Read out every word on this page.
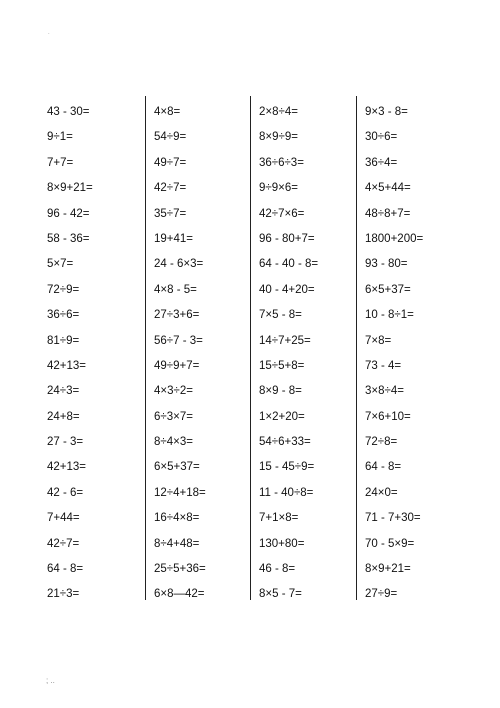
.
43 - 30=
9÷1=
7+7=
8×9+21=
96 - 42=
58 - 36=
5×7=
72÷9=
36÷6=
81÷9=
42+13=
24÷3=
24+8=
27 - 3=
42+13=
42 - 6=
7+44=
42÷7=
64 - 8=
21÷3=
4×8=
54÷9=
49÷7=
42÷7=
35÷7=
19+41=
24 - 6×3=
4×8 - 5=
27÷3+6=
56÷7 - 3=
49÷9+7=
4×3÷2=
6÷3×7=
8÷4×3=
6×5+37=
12÷4+18=
16÷4×8=
8÷4+48=
25÷5+36=
6×8—42=
2×8÷4=
8×9÷9=
36÷6÷3=
9÷9×6=
42÷7×6=
96 - 80+7=
64 - 40 - 8=
40 - 4+20=
7×5 - 8=
14÷7+25=
15÷5+8=
8×9 - 8=
1×2+20=
54÷6+33=
15 - 45÷9=
11 - 40÷8=
7+1×8=
130+80=
46 - 8=
8×5 - 7=
9×3 - 8=
30÷6=
36÷4=
4×5+44=
48÷8+7=
1800+200=
93 - 80=
6×5+37=
10 - 8÷1=
7×8=
73 - 4=
3×8÷4=
7×6+10=
72÷8=
64 - 8=
24×0=
71 - 7+30=
70 - 5×9=
8×9+21=
27÷9=
; ..
